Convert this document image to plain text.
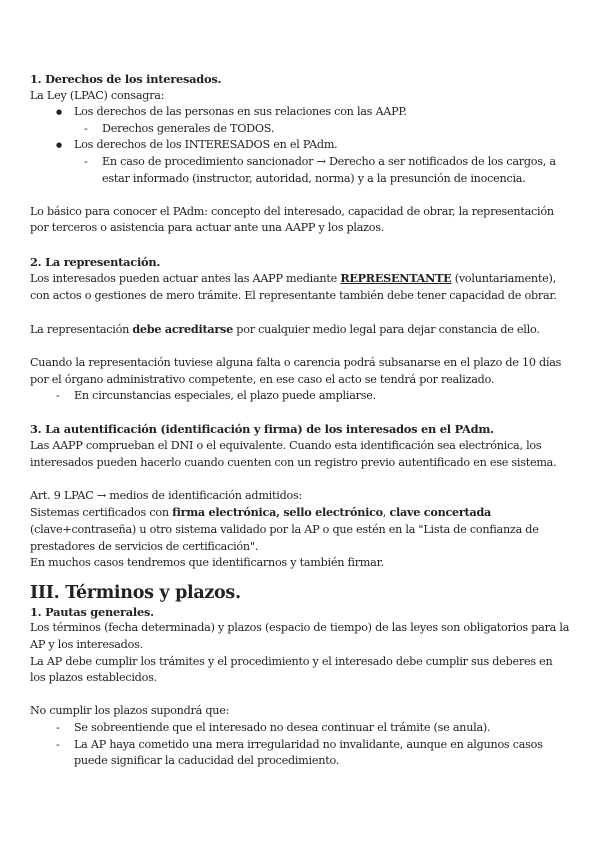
1. Derechos de los interesados.

La Ley (LPAC) consagra:

● Los derechos de las personas en sus relaciones con las AAPP.
- Derechos generales de TODOS.
● Los derechos de los INTERESADOS en el PAdm.
- En caso de procedimiento sancionador → Derecho a ser notificados de los cargos, a estar informado (instructor, autoridad, norma) y a la presunción de inocencia.

Lo básico para conocer el PAdm: concepto del interesado, capacidad de obrar, la representación por terceros o asistencia para actuar ante una AAPP y los plazos.

2. La representación.

Los interesados pueden actuar antes las AAPP mediante REPRESENTANTE (voluntariamente), con actos o gestiones de mero trámite. El representante también debe tener capacidad de obrar.

La representación debe acreditarse por cualquier medio legal para dejar constancia de ello.

Cuando la representación tuviese alguna falta o carencia podrá subsanarse en el plazo de 10 días por el órgano administrativo competente, en ese caso el acto se tendrá por realizado.

- En circunstancias especiales, el plazo puede ampliarse.
3. La autentificación (identificación y firma) de los interesados en el PAdm.

Las AAPP comprueban el DNI o el equivalente. Cuando esta identificación sea electrónica, los interesados pueden hacerlo cuando cuenten con un registro previo autentificado en ese sistema.

Art. 9 LPAC → medios de identificación admitidos:

Sistemas certificados con firma electrónica, sello electrónico, clave concertada (clave+contraseña) u otro sistema validado por la AP o que estén en la "Lista de confianza de prestadores de servicios de certificación".

En muchos casos tendremos que identificarnos y también firmar.

III. Términos y plazos.
1. Pautas generales.

Los términos (fecha determinada) y plazos (espacio de tiempo) de las leyes son obligatorios para la AP y los interesados.

La AP debe cumplir los trámites y el procedimiento y el interesado debe cumplir sus deberes en los plazos establecidos.

No cumplir los plazos supondrá que:

- Se sobreentiende que el interesado no desea continuar el trámite (se anula).
- La AP haya cometido una mera irregularidad no invalidante, aunque en algunos casos puede significar la caducidad del procedimiento.
